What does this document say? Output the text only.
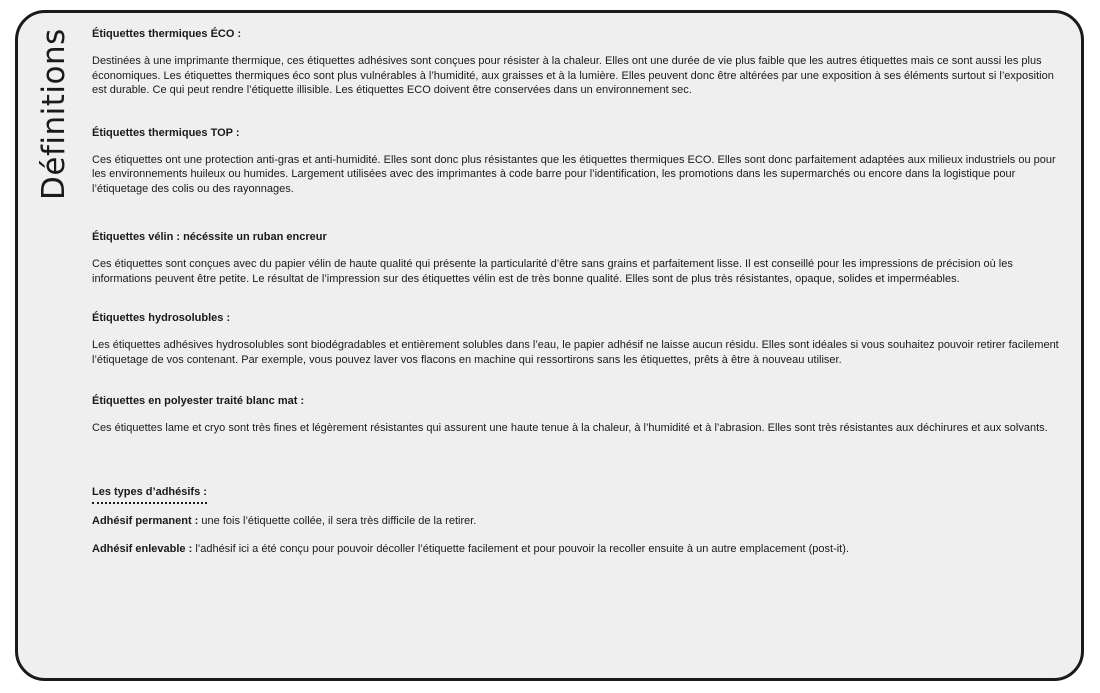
Définitions Étiquettes thermiques ÉCO :

Destinées à une imprimante thermique, ces étiquettes adhésives sont conçues pour résister à la chaleur. Elles ont une durée de vie plus faible que les autres étiquettes mais ce sont aussi les plus économiques. Les étiquettes thermiques éco sont plus vulnérables à l’humidité, aux graisses et à la lumière. Elles peuvent donc être altérées par une exposition à ses éléments surtout si l’exposition est durable. Ce qui peut rendre l’étiquette illisible. Les étiquettes ECO doivent être conservées dans un environnement sec.

Étiquettes thermiques TOP :

Ces étiquettes ont une protection anti-gras et anti-humidité. Elles sont donc plus résistantes que les étiquettes thermiques ECO. Elles sont donc parfaitement adaptées aux milieux industriels ou pour les environnements huileux ou humides. Largement utilisées avec des imprimantes à code barre pour l’identification, les promotions dans les supermarchés ou encore dans la logistique pour l’étiquetage des colis ou des rayonnages.

Étiquettes vélin : nécéssite un ruban encreur

Ces étiquettes sont conçues avec du papier vélin de haute qualité qui présente la particularité d’être sans grains et parfaitement lisse. Il est conseillé pour les impressions de précision où les informations peuvent être petite. Le résultat de l’impression sur des étiquettes vélin est de très bonne qualité. Elles sont de plus très résistantes, opaque, solides et imperméables.

Étiquettes hydrosolubles :

Les étiquettes adhésives hydrosolubles sont biodégradables et entièrement solubles dans l’eau, le papier adhésif ne laisse aucun résidu. Elles sont idéales si vous souhaitez pouvoir retirer facilement l’étiquetage de vos contenant. Par exemple, vous pouvez laver vos flacons en machine qui ressortirons sans les étiquettes, prêts à être à nouveau utiliser.

Étiquettes en polyester traité blanc mat :

Ces étiquettes lame et cryo sont très fines et légèrement résistantes qui assurent une haute tenue à la chaleur, à l’humidité et à l’abrasion. Elles sont très résistantes aux déchirures et aux solvants.

Les types d’adhésifs :
Adhésif permanent : une fois l’étiquette collée, il sera très difficile de la retirer.
Adhésif enlevable : l’adhésif ici a été conçu pour pouvoir décoller l’étiquette facilement et pour pouvoir la recoller ensuite à un autre emplacement (post-it).
